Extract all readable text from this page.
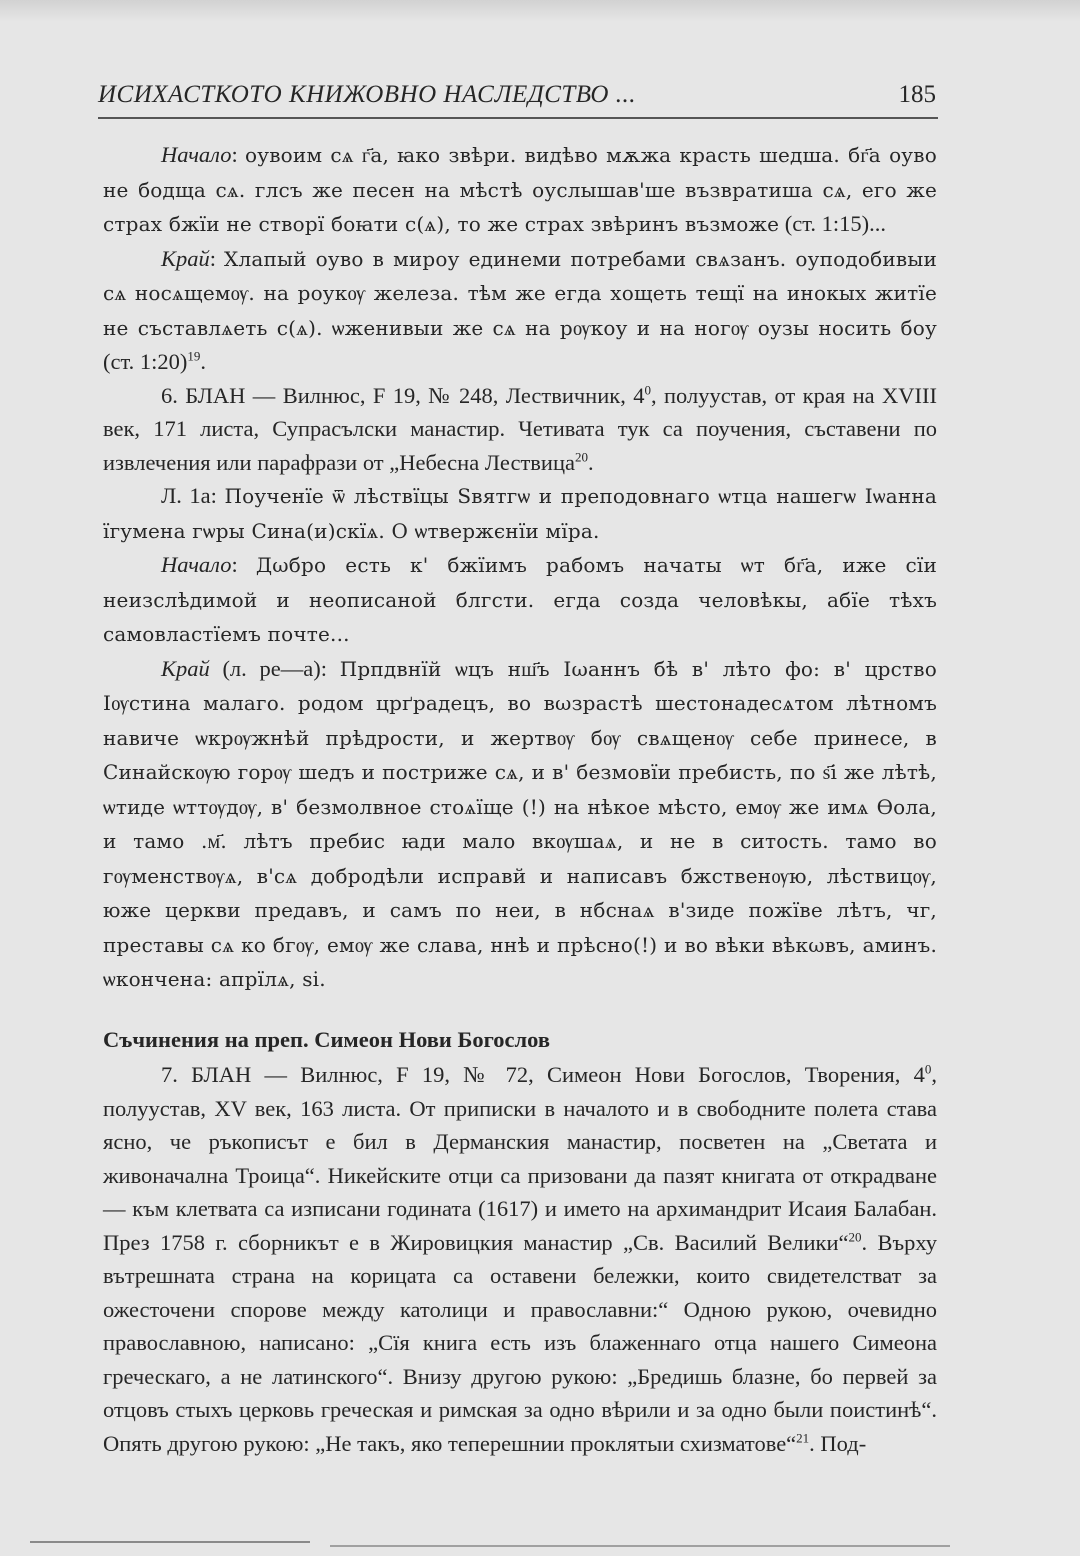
ИСИХАСТКОТО КНИЖОВНО НАСЛЕДСТВО ...	185

Начало: оувоим сѧ г҃а, ꙗко звѣри. видѣво мѫжа красть шедша. бг҃а оуво не бодща сѧ. глсъ же песен на мѣстѣ оуслышав'ше възвратиша сѧ, его же страх бжїи не створї боꙗти с(ѧ), то же страх звѣринъ възможе (ст. 1:15)...

Край: Хлапый оуво в мироу единеми потребами свѧзанъ. оуподобивыи сѧ носѧщемѹ. на роукѹ железа. тѣм же егда хощеть тещї на инокых житїе не съставлѧеть с(ѧ). ѡженивыи же сѧ на рѹкоу и на ногѹ оузы носить боу (ст. 1:20)$^{19}$.

6. БЛАН — Вилнюс, F 19, № 248, Лествичник, $4^0$, полуустав, от края на XVIII век, 171 листа, Супрасълски манастир. Четивата тук са поучения, съставени по извлечения или парафрази от „Небесна Лествица$^{20}$.

Л. 1а: Поученїе ѿ лѣствїцы Ѕвятгѡ и преподовнаго ѡтца нашегѡ Іѡанна ïгумена гѡры Сина(и)скїѧ. О ѡтвержєнїи мїра.

Начало: Дωбро есть к' бжїимъ рабомъ начаты ѡт бг҃а, иже сїи неизслѣдимой и неописаной блгсти. егда созда человѣкы, абїе тѣхъ самовластїемъ почте...

Край (л. ре—а): Прпдвнїй ѡцъ нш҃ъ Іωаннъ бѣ в' лѣто фо: в' црство Іѹстина малаго. родом црґрадецъ, во вωзрастѣ шестонадесѧтом лѣтномъ навиче ѡкрѹжнѣй прѣдрости, и жертвѹ бѹ свѧщенѹ себе принесе, в Синайскѹю горѹ шедъ и постриже сѧ, и в' безмовїи пребисть, по ѕ҃і же лѣтѣ, ѡтиде ѡттѹдѹ, в' безмолвное стоѧїще (!) на нѣкое мѣсто, емѹ же имѧ Ѳола, и тамо .м҃. лѣтъ пребис ꙗди мало вкѹшаѧ, и не в ситость. тамо во гѹменствѹѧ, в'сѧ добродѣли исправй и написавъ бжственѹю, лѣствицѹ, юже церкви предавъ, и самъ по неи, в нбснаѧ в'зиде пожїве лѣтъ, чг, преставы сѧ ко бгѹ, емѹ же слава, ннѣ и прѣсно(!) и во вѣки вѣкωвъ, аминъ. ѡкончена: апрїлѧ, ѕі.

Съчинения на преп. Симеон Нови Богослов

7. БЛАН — Вилнюс, F 19, № 72, Симеон Нови Богослов, Творения, $4^0$, полуустав, XV век, 163 листа. От приписки в началото и в свободните полета става ясно, че ръкописът е бил в Дерманския манастир, посветен на „Светата и живоначална Троица“. Никейските отци са призовани да пазят книгата от открадване — към клетвата са изписани годината (1617) и името на архимандрит Исаия Балабан. През 1758 г. сборникът е в Жировицкия манастир „Св. Василий Велики“$^{20}$. Върху вътрешната страна на корицата са оставени бележки, които свидетелстват за ожесточени спорове между католици и православни:“ Одною рукою, очевидно православною, написано: „Сїя книга есть изъ блаженнаго отца нашего Симеона греческаго, а не латинского“. Внизу другою рукою: „Бредишь блазне, бо первей за отцовъ стыхъ церковь греческая и римская за одно вѣрили и за одно были поистинѣ“. Опять другою рукою: „Не такъ, яко теперешнии проклятыи схизматове“$^{21}$. Под-
